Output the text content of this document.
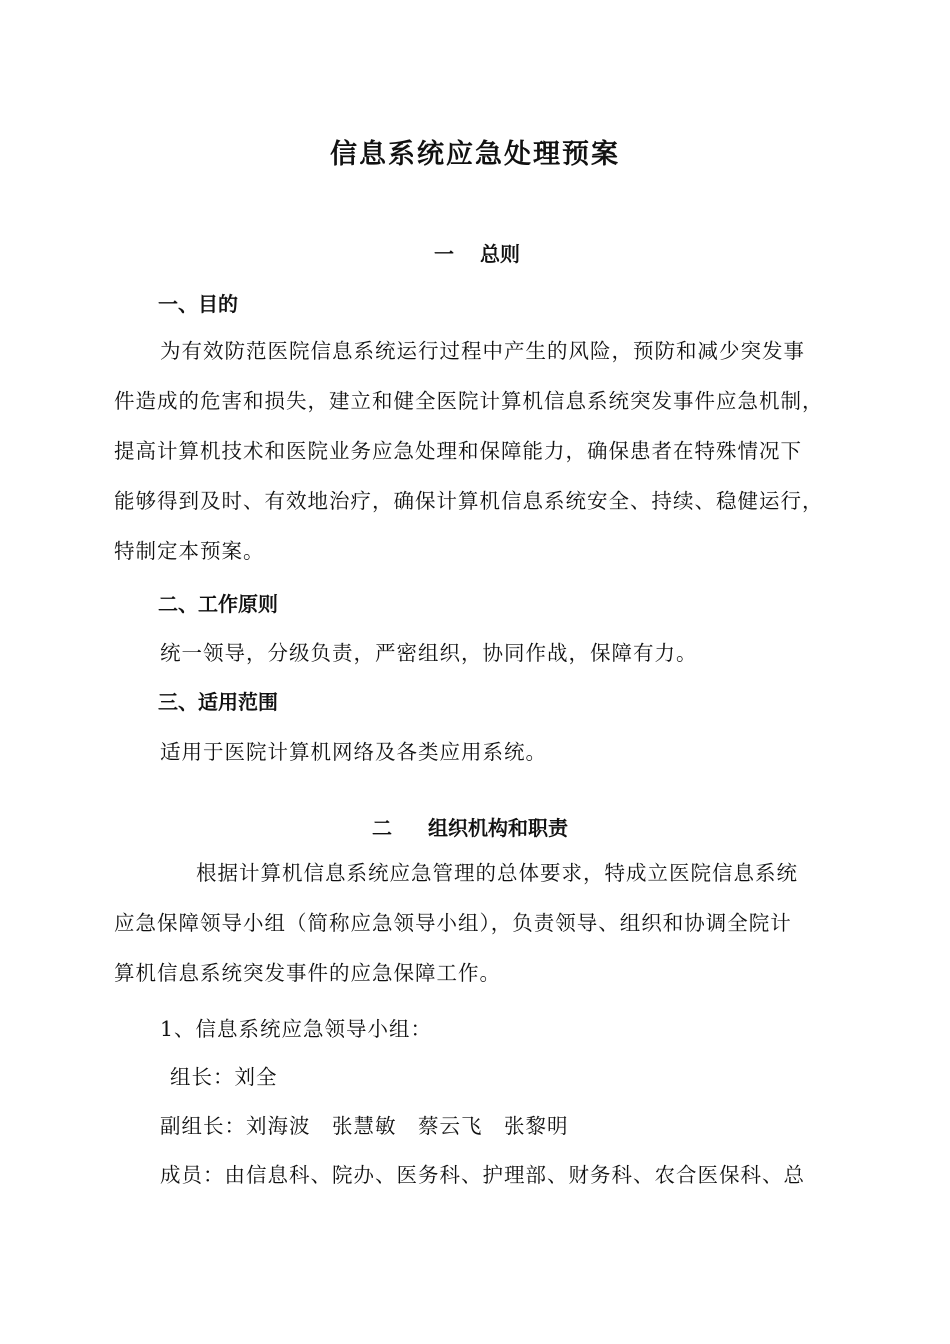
信息系统应急处理预案
一 总则
一、目的
为有效防范医院信息系统运行过程中产生的风险，预防和减少突发事
件造成的危害和损失，建立和健全医院计算机信息系统突发事件应急机制，
提高计算机技术和医院业务应急处理和保障能力，确保患者在特殊情况下
能够得到及时、有效地治疗，确保计算机信息系统安全、持续、稳健运行，
特制定本预案。
二、工作原则
统一领导，分级负责，严密组织，协同作战，保障有力。
三、适用范围
适用于医院计算机网络及各类应用系统。
二 组织机构和职责
根据计算机信息系统应急管理的总体要求，特成立医院信息系统
应急保障领导小组（简称应急领导小组），负责领导、组织和协调全院计
算机信息系统突发事件的应急保障工作。
1、信息系统应急领导小组：
组长：刘全
副组长：刘海波　张慧敏　蔡云飞　张黎明
成员：由信息科、院办、医务科、护理部、财务科、农合医保科、总
